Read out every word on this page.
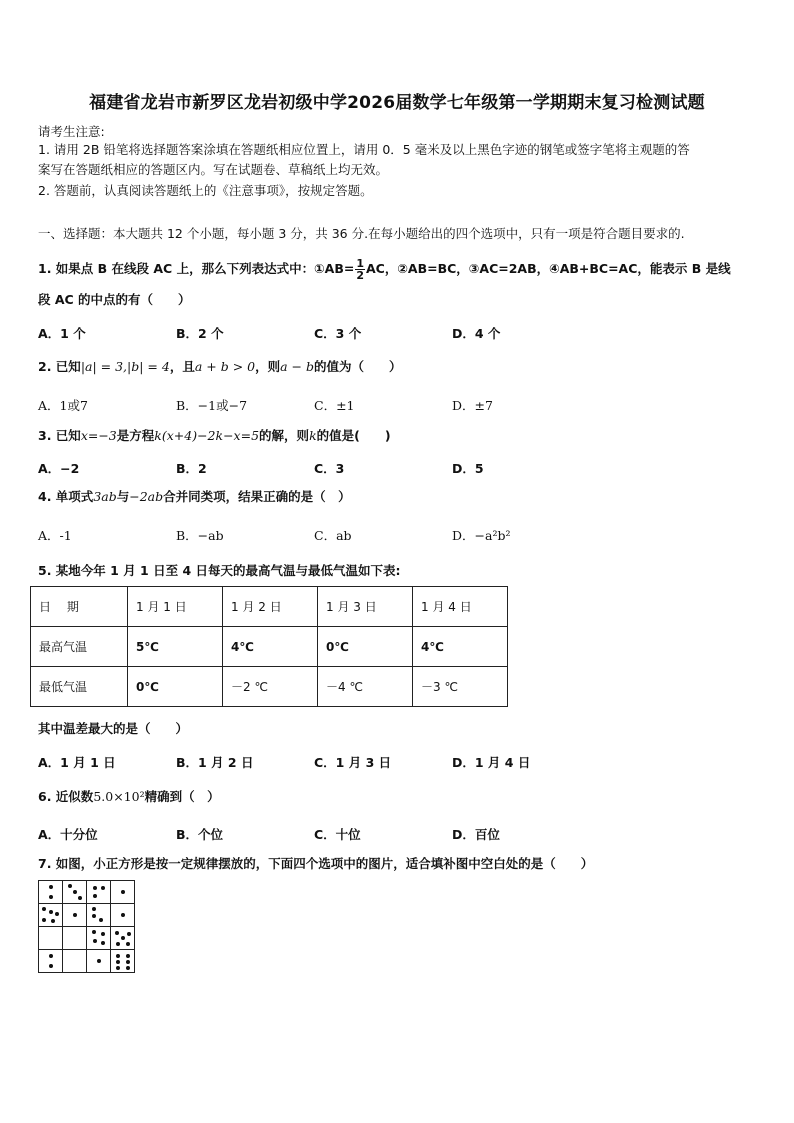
福建省龙岩市新罗区龙岩初级中学2026届数学七年级第一学期期末复习检测试题
请考生注意:
1. 请用 2B 铅笔将选择题答案涂填在答题纸相应位置上，请用 0．5 毫米及以上黑色字迹的钢笔或签字笔将主观题的答
案写在答题纸相应的答题区内。写在试题卷、草稿纸上均无效。
2. 答题前，认真阅读答题纸上的《注意事项》，按规定答题。
一、选择题：本大题共 12 个小题，每小题 3 分，共 36 分.在每小题给出的四个选项中，只有一项是符合题目要求的.
1. 如果点 B 在线段 AC 上，那么下列表达式中：①AB= $\frac{1}{2}$ AC，②AB=BC，③AC=2AB，④AB+BC=AC，能表示 B 是线
段 AC 的中点的有（　　）
A．1 个	B．2 个	C．3 个	D．4 个
2. 已知|a| = 3,|b| = 4，且a + b > 0，则a − b的值为（　　）
A．1或7	B．−1或−7	C．±1	D．±7
3. 已知x=−3是方程k(x+4)−2k−x=5的解，则k的值是(　　)
A．−2	B．2	C．3	D．5
4. 单项式3ab与−2ab合并同类项，结果正确的是（　）
A．-1	B．−ab	C．ab	D．−a²b²
5. 某地今年 1 月 1 日至 4 日每天的最高气温与最低气温如下表:
日　 期	1 月 1 日	1 月 2 日	1 月 3 日	1 月 4 日
最高气温	5℃	4℃	0℃	4℃
最低气温	0℃	－2 ℃	－4 ℃	－3 ℃
其中温差最大的是（　　）
A．1 月 1 日	B．1 月 2 日	C．1 月 3 日	D．1 月 4 日
6. 近似数5.0×10²精确到（　）
A．十分位	B．个位	C．十位	D．百位
7. 如图，小正方形是按一定规律摆放的，下面四个选项中的图片，适合填补图中空白处的是（　　）
